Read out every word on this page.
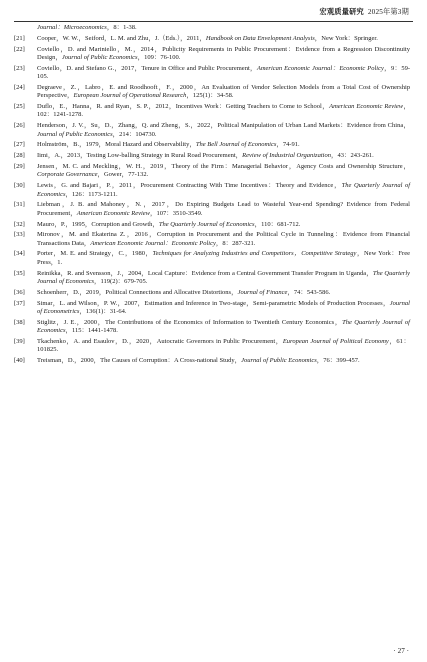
宏观质量研究 2025年第3期
Journal：Microeconomics，8：1-38.
[21] Cooper，W. W.，Seiford，L. M. and Zhu，J.（Eds.），2011，Handbook on Data Envelopment Analysis，New York：Springer.
[22] Coviello，D. and Mariniello，M.，2014，Publicity Requirements in Public Procurement：Evidence from a Regression Discontinuity Design，Journal of Public Economics，109：76-100.
[23] Coviello，D. and Stefano G.，2017，Tenure in Office and Public Procurement，American Economic Journal：Economic Policy，9：59-105.
[24] Degraeve，Z.，Labro，E. and Roodhooft，F.，2000，An Evaluation of Vendor Selection Models from a Total Cost of Ownership Perspective，European Journal of Operational Research，125(1)：34-58.
[25] Duflo，E.，Hanna，R. and Ryan，S. P.，2012，Incentives Work：Getting Teachers to Come to School，American Economic Review，102：1241-1278.
[26] Henderson，J. V.，Su，D.，Zhang，Q. and Zheng，S.，2022，Political Manipulation of Urban Land Markets：Evidence from China，Journal of Public Economics，214：104730.
[27] Holmström，B.，1979，Moral Hazard and Observability，The Bell Journal of Economics，74-91.
[28] Iimi，A.，2013，Testing Low-balling Strategy in Rural Road Procurement，Review of Industrial Organization，43：243-261.
[29] Jensen，M. C. and Meckling，W. H.，2019，Theory of the Firm：Managerial Behavior，Agency Costs and Ownership Structure，Corporate Governance，Gower，77-132.
[30] Lewis，G. and Bajari，P.，2011，Procurement Contracting With Time Incentives：Theory and Evidence，The Quarterly Journal of Economics，126：1173-1211.
[31] Liebman，J. B. and Mahoney，N.，2017，Do Expiring Budgets Lead to Wasteful Year-end Spending? Evidence from Federal Procurement，American Economic Review，107：3510-3549.
[32] Mauro，P.，1995，Corruption and Growth，The Quarterly Journal of Economics，110：681-712.
[33] Mironov，M. and Ekaterina Z.，2016，Corruption in Procurement and the Political Cycle in Tunneling：Evidence from Financial Transactions Data，American Economic Journal：Economic Policy，8：287-321.
[34] Porter，M. E. and Strategy，C.，1980，Techniques for Analyzing Industries and Competitors，Competitive Strategy，New York：Free Press，1.
[35] Reinikka，R. and Svensson，J.，2004，Local Capture：Evidence from a Central Government Transfer Program in Uganda，The Quarterly Journal of Economics，119(2)：679-705.
[36] Schoenherr，D.，2019，Political Connections and Allocative Distortions，Journal of Finance，74：543-586.
[37] Simar，L. and Wilson，P. W.，2007，Estimation and Inference in Two-stage，Semi-parametric Models of Production Processes，Journal of Econometrics，136(1)：31-64.
[38] Stiglitz，J. E.，2000，The Contributions of the Economics of Information to Twentieth Century Economics，The Quarterly Journal of Economics，115：1441-1478.
[39] Tkachenko，A. and Esaulov，D.，2020，Autocratic Governors in Public Procurement，European Journal of Political Economy，61：101825.
[40] Treisman，D.，2000，The Causes of Corruption：A Cross-national Study，Journal of Public Economics，76：399-457.
· 27 ·
